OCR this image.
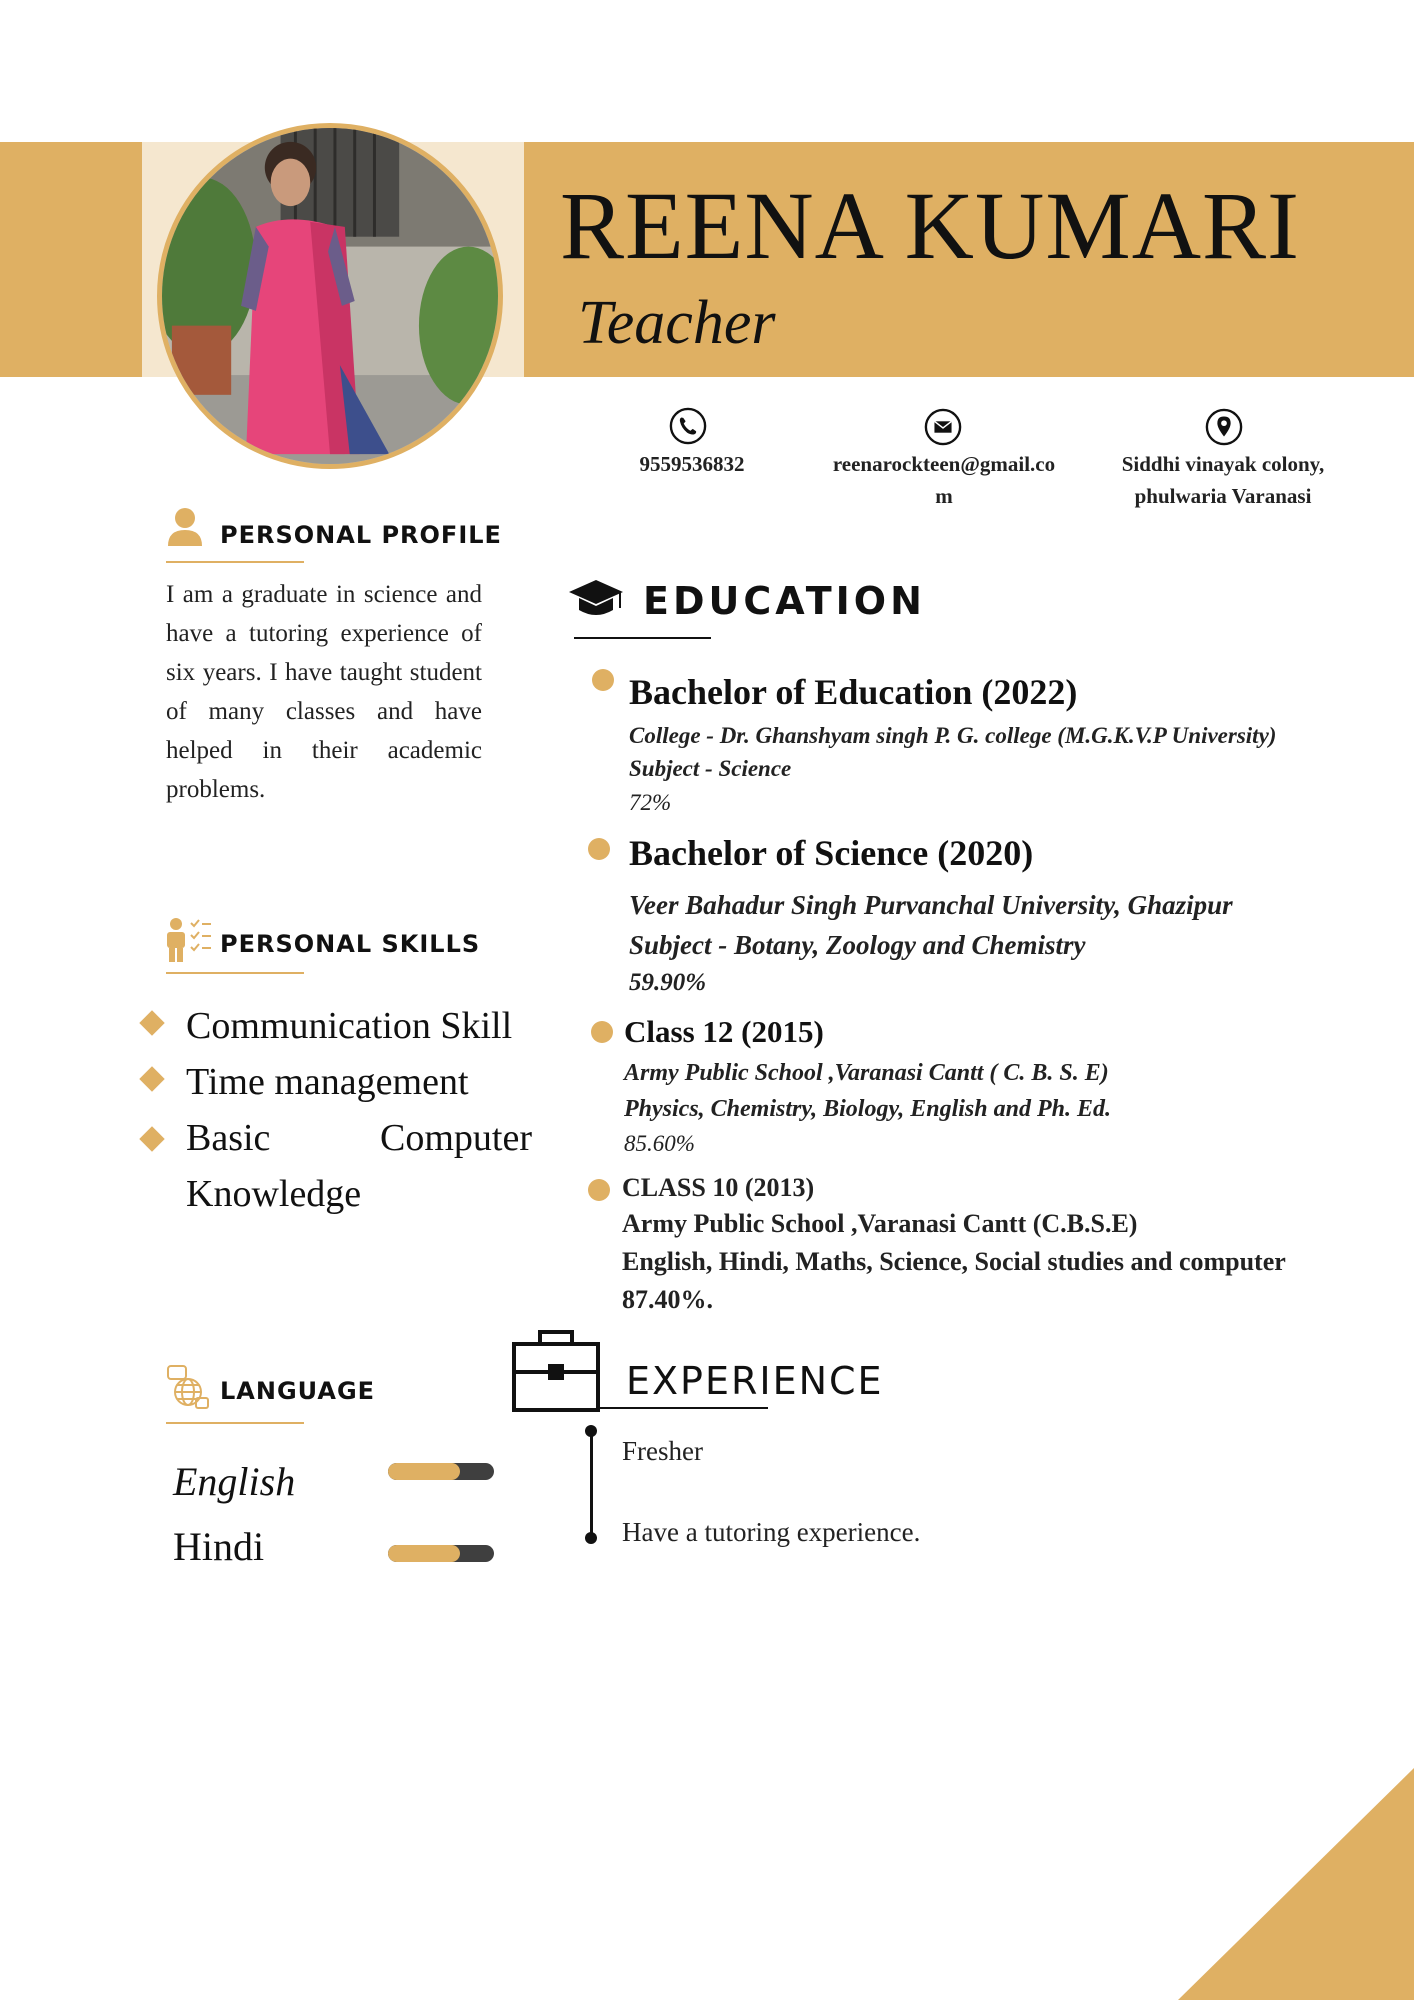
REENA KUMARI
Teacher
9559536832	reenarockteen@gmail.co
m
Siddhi vinayak colony,
phulwaria Varanasi
PERSONAL PROFILE
I am a graduate in science and have a tutoring experience of six years. I have taught student of many classes and have helped in their academic problems.
PERSONAL SKILLS
Communication Skill
Time management
Basic Computer
Knowledge
LANGUAGE
English
Hindi
EDUCATION
Bachelor of Education (2022)
College - Dr. Ghanshyam singh P. G. college (M.G.K.V.P University)
Subject - Science
72%
Bachelor of Science (2020)
Veer Bahadur Singh Purvanchal University, Ghazipur
Subject - Botany, Zoology and Chemistry
59.90%
Class 12 (2015)
Army Public School ,Varanasi Cantt ( C. B. S. E)
Physics, Chemistry, Biology, English and Ph. Ed.
85.60%
CLASS 10 (2013)
Army Public School ,Varanasi Cantt (C.B.S.E)
English, Hindi, Maths, Science, Social studies and computer
87.40%.
EXPERIENCE
Fresher
Have a tutoring experience.
